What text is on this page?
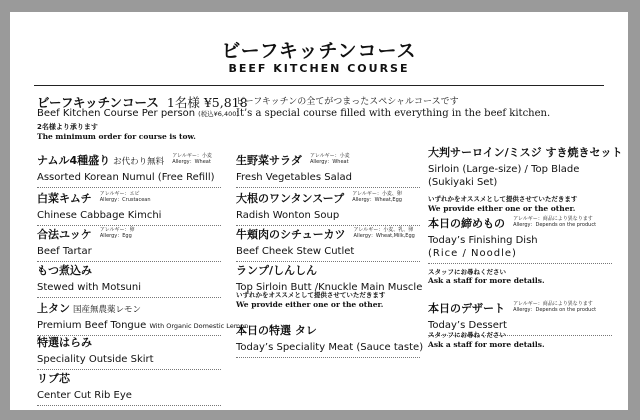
ビーフキッチンコース
BEEF KITCHEN COURSE
ビーフキッチンコース 1名様 ¥5,818
Beef Kitchen Course Per person (税込¥6,400)
2名様より承ります
The minimum order for course is tow.
ビーフキッチンの全てがつまったスペシャルコースです
It’s a special course filled with everything in the beef kitchen.
ナムル4種盛り お代わり無料 アレルギー：小麦
Allergy：Wheat
Assorted Korean Numul (Free Refill)
白菜キムチ アレルギー：エビ
Allergy：Crustacean
Chinese Cabbage Kimchi
合法ユッケ アレルギー：卵
Allergy：Egg
Beef Tartar
もつ煮込み
Stewed with Motsuni
上タン 国産無農薬レモン
Premium Beef Tongue With Organic Domestic Lemon
特選はらみ
Speciality Outside Skirt
リブ芯
Center Cut Rib Eye
生野菜サラダ アレルギー：小麦
Allergy：Wheat
Fresh Vegetables Salad
大根のワンタンスープ アレルギー：小麦、卵
Allergy：Wheat,Egg
Radish Wonton Soup
牛頬肉のシチューカツ アレルギー：小麦、乳、卵
Allergy：Wheat,Milk,Egg
Beef Cheek Stew Cutlet
ランプ/しんしん
Top Sirloin Butt /Knuckle Main Muscle
いずれかをオススメとして提供させていただきます
We provide either one or the other.
本日の特選 タレ
Today’s Speciality Meat (Sauce taste)
大判サーロイン/ミスジ すき焼きセット
Sirloin (Large-size) / Top Blade
(Sukiyaki Set)
いずれかをオススメとして提供させていただきます
We provide either one or the other.
本日の締めもの アレルギー：商品により異なります
Allergy：Depends on the product
Today’s Finishing Dish
(Rice / Noodle)
スタッフにお尋ねください
Ask a staff for more details.
本日のデザート アレルギー：商品により異なります
Allergy：Depends on the product
Today’s Dessert
スタッフにお尋ねください
Ask a staff for more details.
